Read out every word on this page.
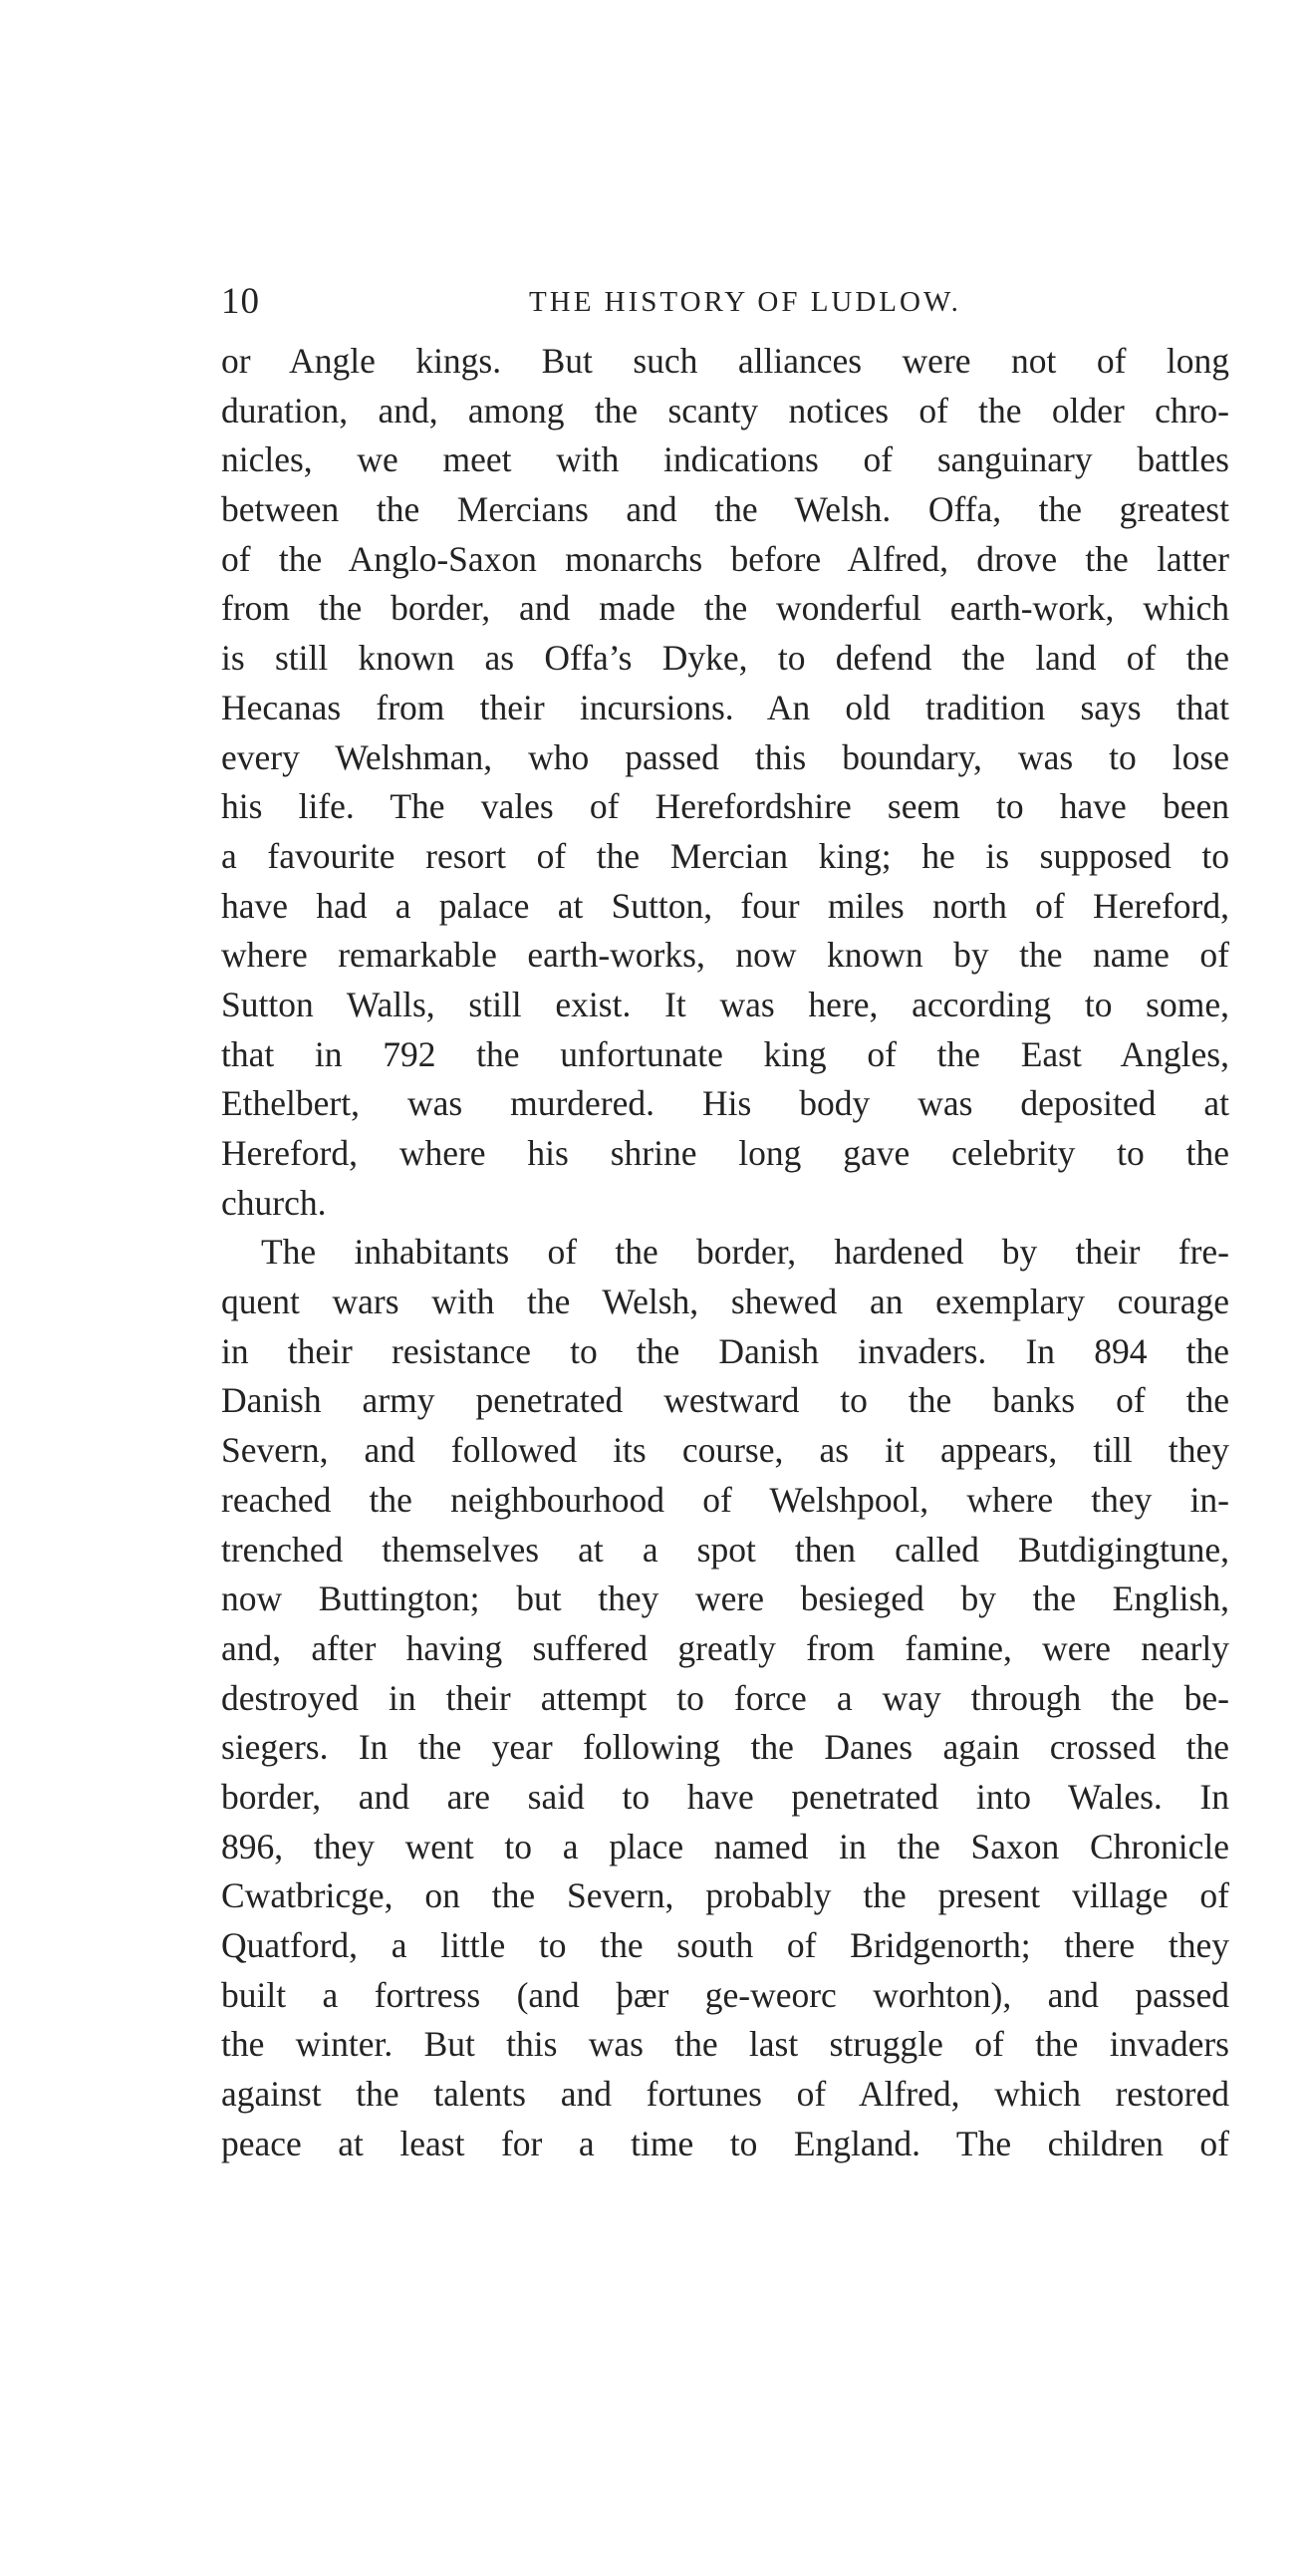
10	THE HISTORY OF LUDLOW.
or Angle kings. But such alliances were not of long
duration, and, among the scanty notices of the older chro-
nicles, we meet with indications of sanguinary battles
between the Mercians and the Welsh. Offa, the greatest
of the Anglo-Saxon monarchs before Alfred, drove the latter
from the border, and made the wonderful earth-work, which
is still known as Offa’s Dyke, to defend the land of the
Hecanas from their incursions. An old tradition says that
every Welshman, who passed this boundary, was to lose
his life. The vales of Herefordshire seem to have been
a favourite resort of the Mercian king; he is supposed to
have had a palace at Sutton, four miles north of Hereford,
where remarkable earth-works, now known by the name of
Sutton Walls, still exist. It was here, according to some,
that in 792 the unfortunate king of the East Angles,
Ethelbert, was murdered. His body was deposited at
Hereford, where his shrine long gave celebrity to the
church.
The inhabitants of the border, hardened by their fre-
quent wars with the Welsh, shewed an exemplary courage
in their resistance to the Danish invaders. In 894 the
Danish army penetrated westward to the banks of the
Severn, and followed its course, as it appears, till they
reached the neighbourhood of Welshpool, where they in-
trenched themselves at a spot then called Butdigingtune,
now Buttington; but they were besieged by the English,
and, after having suffered greatly from famine, were nearly
destroyed in their attempt to force a way through the be-
siegers. In the year following the Danes again crossed the
border, and are said to have penetrated into Wales. In
896, they went to a place named in the Saxon Chronicle
Cwatbricge, on the Severn, probably the present village of
Quatford, a little to the south of Bridgenorth; there they
built a fortress (and þær ge-weorc worhton), and passed
the winter. But this was the last struggle of the invaders
against the talents and fortunes of Alfred, which restored
peace at least for a time to England. The children of
